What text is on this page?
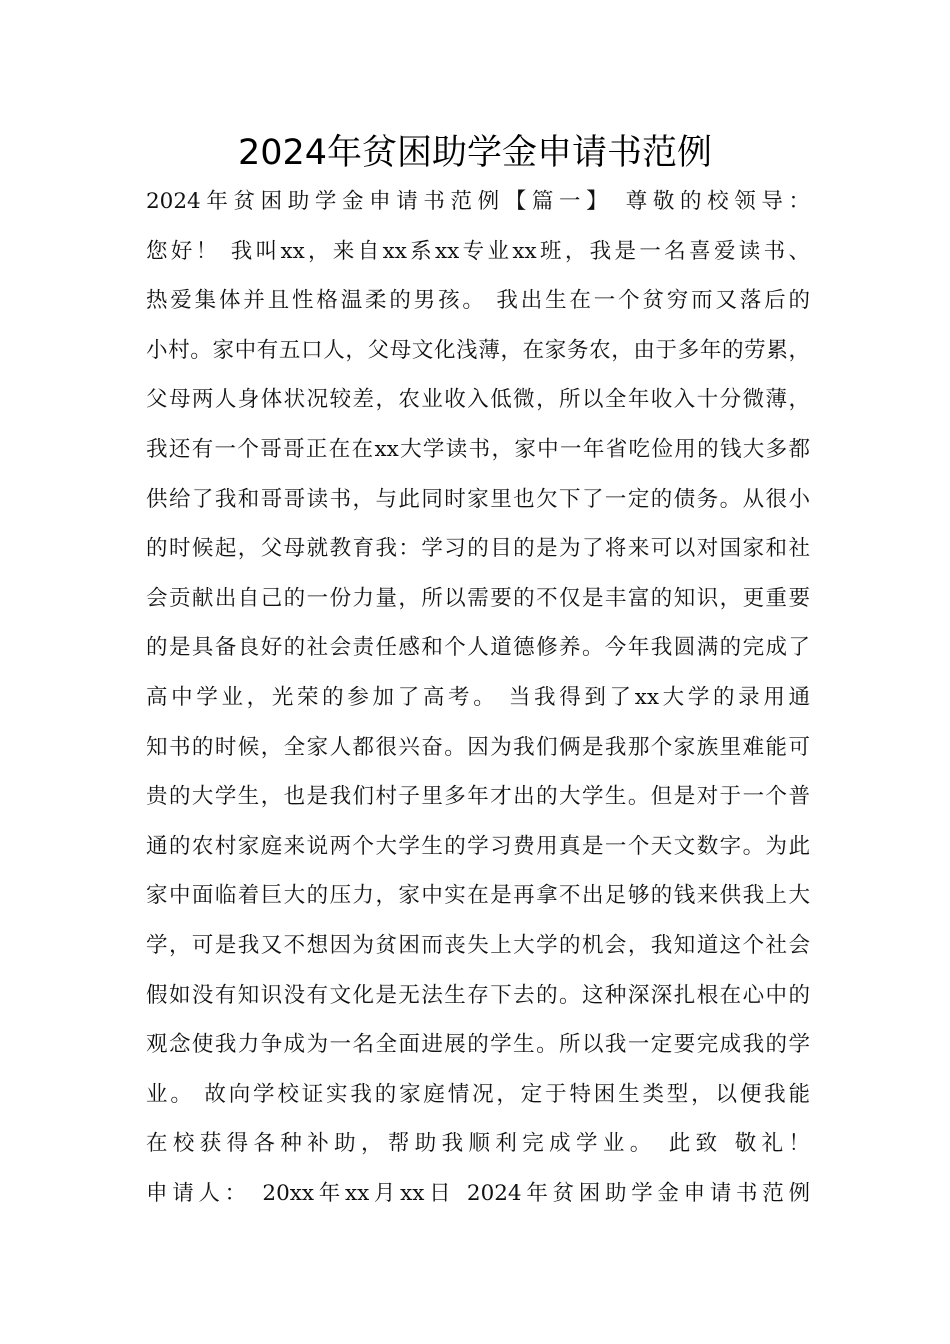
2024年贫困助学金申请书范例
2024年贫困助学金申请书范例【篇一】 尊敬的校领导：
您好！ 我叫xx，来自xx系xx专业xx班，我是一名喜爱读书、
热爱集体并且性格温柔的男孩。 我出生在一个贫穷而又落后的
小村。家中有五口人，父母文化浅薄，在家务农，由于多年的劳累，
父母两人身体状况较差，农业收入低微，所以全年收入十分微薄，
我还有一个哥哥正在在xx大学读书，家中一年省吃俭用的钱大多都
供给了我和哥哥读书，与此同时家里也欠下了一定的债务。从很小
的时候起，父母就教育我：学习的目的是为了将来可以对国家和社
会贡献出自己的一份力量，所以需要的不仅是丰富的知识，更重要
的是具备良好的社会责任感和个人道德修养。今年我圆满的完成了
高中学业，光荣的参加了高考。 当我得到了xx大学的录用通
知书的时候，全家人都很兴奋。因为我们俩是我那个家族里难能可
贵的大学生，也是我们村子里多年才出的大学生。但是对于一个普
通的农村家庭来说两个大学生的学习费用真是一个天文数字。为此
家中面临着巨大的压力，家中实在是再拿不出足够的钱来供我上大
学，可是我又不想因为贫困而丧失上大学的机会，我知道这个社会
假如没有知识没有文化是无法生存下去的。这种深深扎根在心中的
观念使我力争成为一名全面进展的学生。所以我一定要完成我的学
业。 故向学校证实我的家庭情况，定于特困生类型，以便我能
在校获得各种补助，帮助我顺利完成学业。 此致 敬礼！
申请人： 20xx年xx月xx日 2024年贫困助学金申请书范例
